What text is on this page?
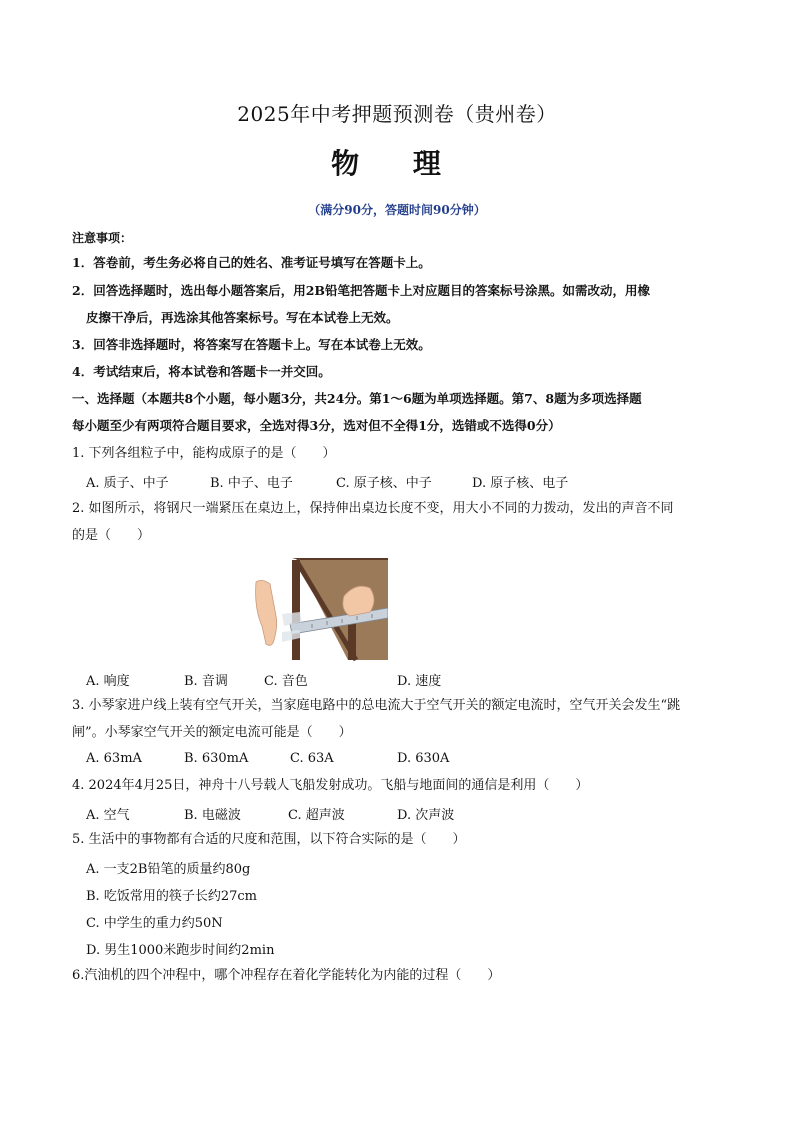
2025年中考押题预测卷（贵州卷）
物 理
（满分90分，答题时间90分钟）
注意事项：
1．答卷前，考生务必将自己的姓名、准考证号填写在答题卡上。
2．回答选择题时，选出每小题答案后，用2B铅笔把答题卡上对应题目的答案标号涂黑。如需改动，用橡
皮擦干净后，再选涂其他答案标号。写在本试卷上无效。
3．回答非选择题时，将答案写在答题卡上。写在本试卷上无效。
4．考试结束后，将本试卷和答题卡一并交回。
一、选择题（本题共8个小题，每小题3分，共24分。第1～6题为单项选择题。第7、8题为多项选择题
每小题至少有两项符合题目要求，全选对得3分，选对但不全得1分，选错或不选得0分）
1. 下列各组粒子中，能构成原子的是（　　）
A. 质子、中子	B. 中子、电子	C. 原子核、中子	D. 原子核、电子
2. 如图所示，将钢尺一端紧压在桌边上，保持伸出桌边长度不变，用大小不同的力拨动，发出的声音不同
的是（　　）
A. 响度	B. 音调	C. 音色	D. 速度
3. 小琴家进户线上装有空气开关，当家庭电路中的总电流大于空气开关的额定电流时，空气开关会发生“跳
闸”。小琴家空气开关的额定电流可能是（　　）
A. 63mA	B. 630mA	C. 63A	D. 630A
4. 2024年4月25日，神舟十八号载人飞船发射成功。飞船与地面间的通信是利用（　　）
A. 空气	B. 电磁波	C. 超声波	D. 次声波
5. 生活中的事物都有合适的尺度和范围，以下符合实际的是（　　）
A. 一支2B铅笔的质量约80g
B. 吃饭常用的筷子长约27cm
C. 中学生的重力约50N
D. 男生1000米跑步时间约2min
6.汽油机的四个冲程中，哪个冲程存在着化学能转化为内能的过程（　　）
